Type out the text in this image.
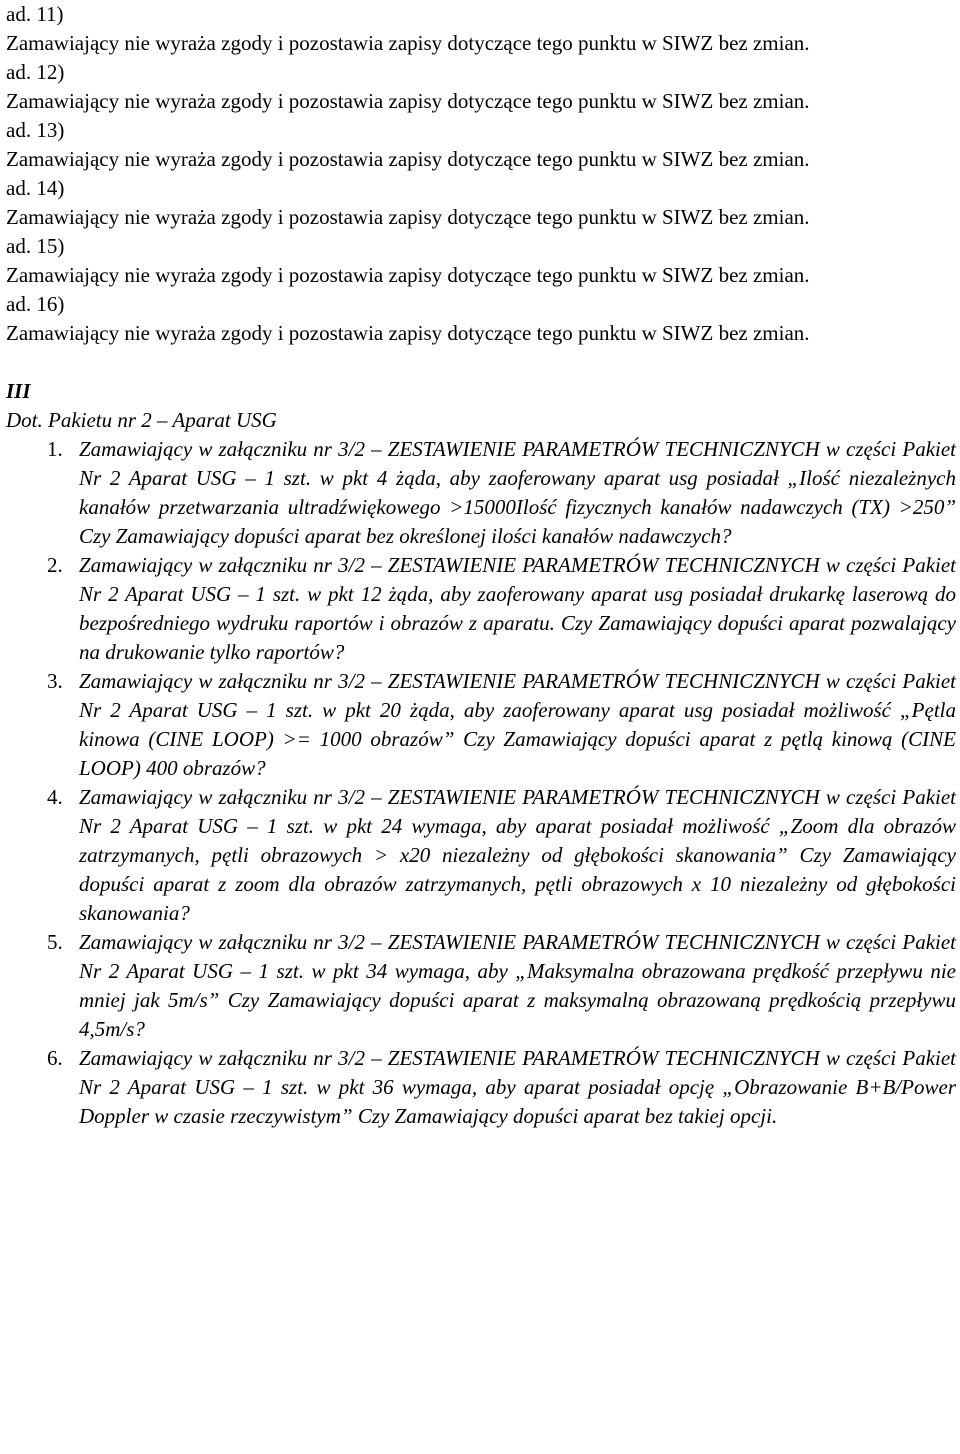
ad. 11)

Zamawiający nie wyraża zgody i pozostawia zapisy dotyczące tego punktu w SIWZ bez zmian.

ad. 12)

Zamawiający nie wyraża zgody i pozostawia zapisy dotyczące tego punktu w SIWZ bez zmian.

ad. 13)

Zamawiający nie wyraża zgody i pozostawia zapisy dotyczące tego punktu w SIWZ bez zmian.

ad. 14)

Zamawiający nie wyraża zgody i pozostawia zapisy dotyczące tego punktu w SIWZ bez zmian.

ad. 15)

Zamawiający nie wyraża zgody i pozostawia zapisy dotyczące tego punktu w SIWZ bez zmian.

ad. 16)

Zamawiający nie wyraża zgody i pozostawia zapisy dotyczące tego punktu w SIWZ bez zmian.

III

Dot. Pakietu nr 2 – Aparat USG

1. Zamawiający w załączniku nr 3/2 – ZESTAWIENIE PARAMETRÓW TECHNICZNYCH w części Pakiet Nr 2 Aparat USG – 1 szt. w pkt 4 żąda, aby zaoferowany aparat usg posiadał „Ilość niezależnych kanałów przetwarzania ultradźwiękowego >15000Ilość fizycznych kanałów nadawczych (TX) >250” Czy Zamawiający dopuści aparat bez określonej ilości kanałów nadawczych?
2. Zamawiający w załączniku nr 3/2 – ZESTAWIENIE PARAMETRÓW TECHNICZNYCH w części Pakiet Nr 2 Aparat USG – 1 szt. w pkt 12 żąda, aby zaoferowany aparat usg posiadał drukarkę laserową do bezpośredniego wydruku raportów i obrazów z aparatu. Czy Zamawiający dopuści aparat pozwalający na drukowanie tylko raportów?
3. Zamawiający w załączniku nr 3/2 – ZESTAWIENIE PARAMETRÓW TECHNICZNYCH w części Pakiet Nr 2 Aparat USG – 1 szt. w pkt 20 żąda, aby zaoferowany aparat usg posiadał możliwość „Pętla kinowa (CINE LOOP) >= 1000 obrazów” Czy Zamawiający dopuści aparat z pętlą kinową (CINE LOOP) 400 obrazów?
4. Zamawiający w załączniku nr 3/2 – ZESTAWIENIE PARAMETRÓW TECHNICZNYCH w części Pakiet Nr 2 Aparat USG – 1 szt. w pkt 24 wymaga, aby aparat posiadał możliwość „Zoom dla obrazów zatrzymanych, pętli obrazowych > x20 niezależny od głębokości skanowania” Czy Zamawiający dopuści aparat z zoom dla obrazów zatrzymanych, pętli obrazowych x 10 niezależny od głębokości skanowania?
5. Zamawiający w załączniku nr 3/2 – ZESTAWIENIE PARAMETRÓW TECHNICZNYCH w części Pakiet Nr 2 Aparat USG – 1 szt. w pkt 34 wymaga, aby „Maksymalna obrazowana prędkość przepływu nie mniej jak 5m/s” Czy Zamawiający dopuści aparat z maksymalną obrazowaną prędkością przepływu 4,5m/s?
6. Zamawiający w załączniku nr 3/2 – ZESTAWIENIE PARAMETRÓW TECHNICZNYCH w części Pakiet Nr 2 Aparat USG – 1 szt. w pkt 36 wymaga, aby aparat posiadał opcję „Obrazowanie B+B/Power Doppler w czasie rzeczywistym” Czy Zamawiający dopuści aparat bez takiej opcji.
